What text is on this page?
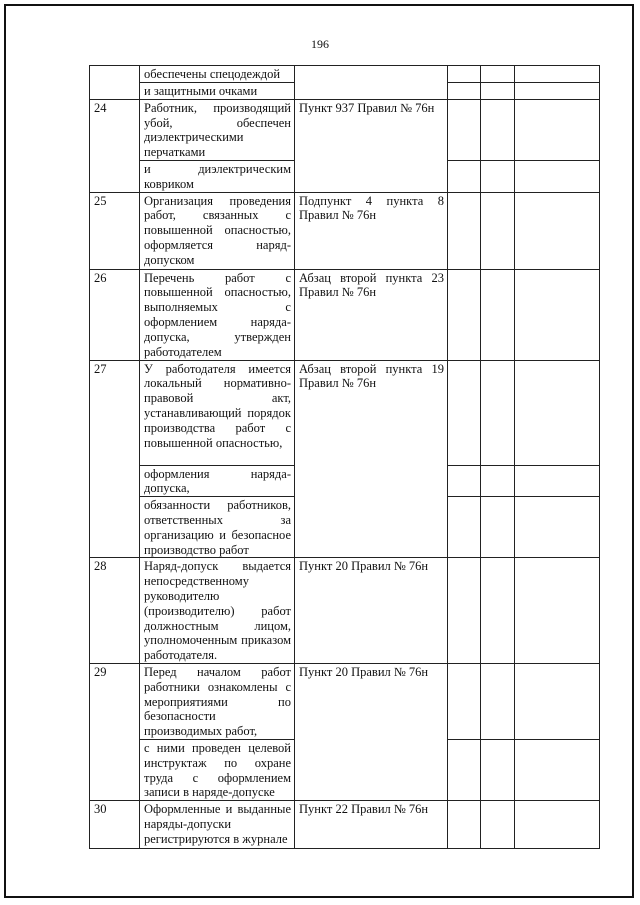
196
	обеспечены спецодеждой				
	и защитными очками				
24	Работник, производящий убой, обеспечен диэлектрическими перчатками	Пункт 937 Правил № 76н			
	и диэлектрическим ковриком				
25	Организация проведения работ, связанных с повышенной опасностью, оформляется наряд-допуском	Подпункт 4 пункта 8 Правил № 76н			
26	Перечень работ с повышенной опасностью, выполняемых с оформлением наряда-допуска, утвержден работодателем	Абзац второй пункта 23 Правил № 76н			
27	У работодателя имеется локальный нормативно-правовой акт, устанавливающий порядок производства работ с повышенной опасностью,	Абзац второй пункта 19 Правил № 76н			
	оформления наряда-допуска,				
	обязанности работников, ответственных за организацию и безопасное производство работ				
28	Наряд-допуск выдается непосредственному руководителю (производителю) работ должностным лицом, уполномоченным приказом работодателя.	Пункт 20 Правил № 76н			
29	Перед началом работ работники ознакомлены с мероприятиями по безопасности производимых работ,	Пункт 20 Правил № 76н			
	с ними проведен целевой инструктаж по охране труда с оформлением записи в наряде-допуске				
30	Оформленные и выданные наряды-допуски регистрируются в журнале	Пункт 22 Правил № 76н			
